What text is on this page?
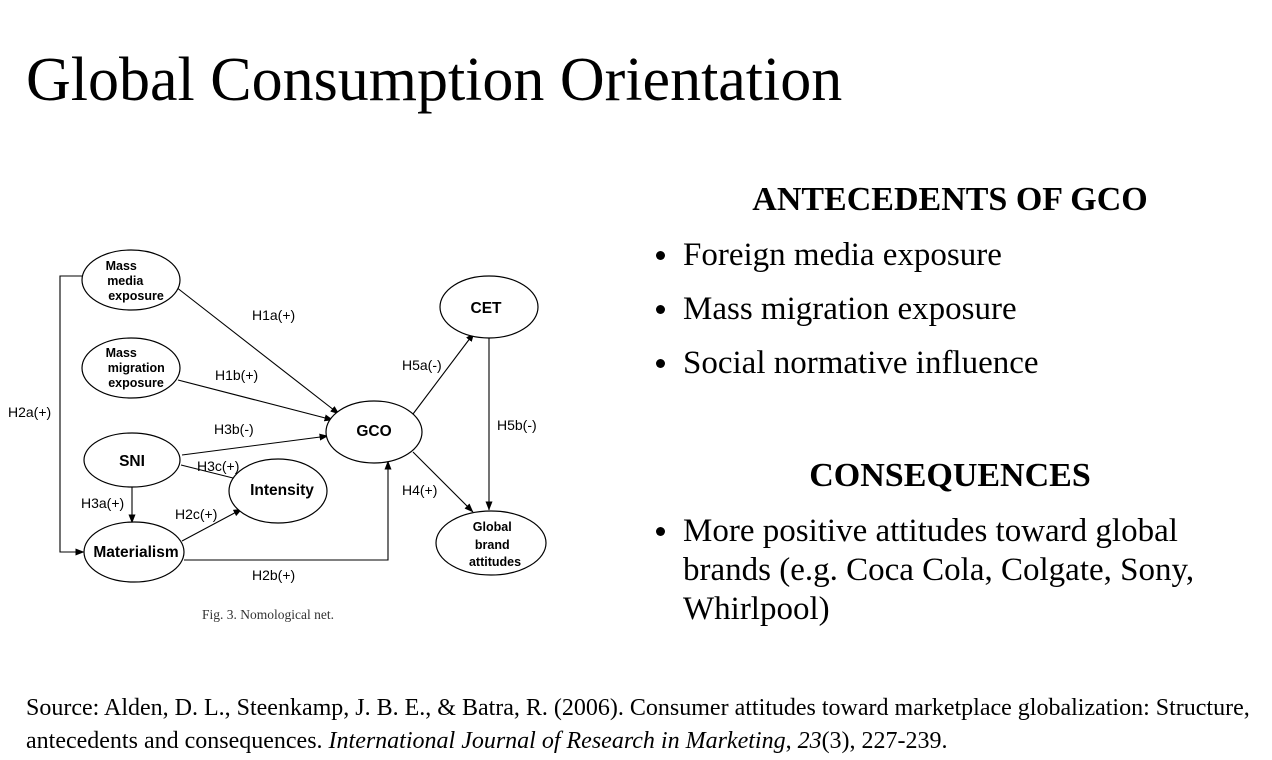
Global Consumption Orientation
Mass media exposure
Mass migration exposure
SNI
Materialism
Intensity
GCO
CET
Global brand attitudes
H1a(+)
H1b(+)
H2a(+)
H3b(-)
H3c(+)
H3a(+)
H2c(+)
H2b(+)
H5a(-)
H5b(-)
H4(+)
Fig. 3. Nomological net.
ANTECEDENTS OF GCO
Foreign media exposure
Mass migration exposure
Social normative influence
CONSEQUENCES
More positive attitudes toward global brands (e.g. Coca Cola, Colgate, Sony, Whirlpool)
Source: Alden, D. L., Steenkamp, J. B. E., & Batra, R. (2006). Consumer attitudes toward marketplace globalization: Structure, antecedents and consequences. International Journal of Research in Marketing, 23(3), 227-239.
